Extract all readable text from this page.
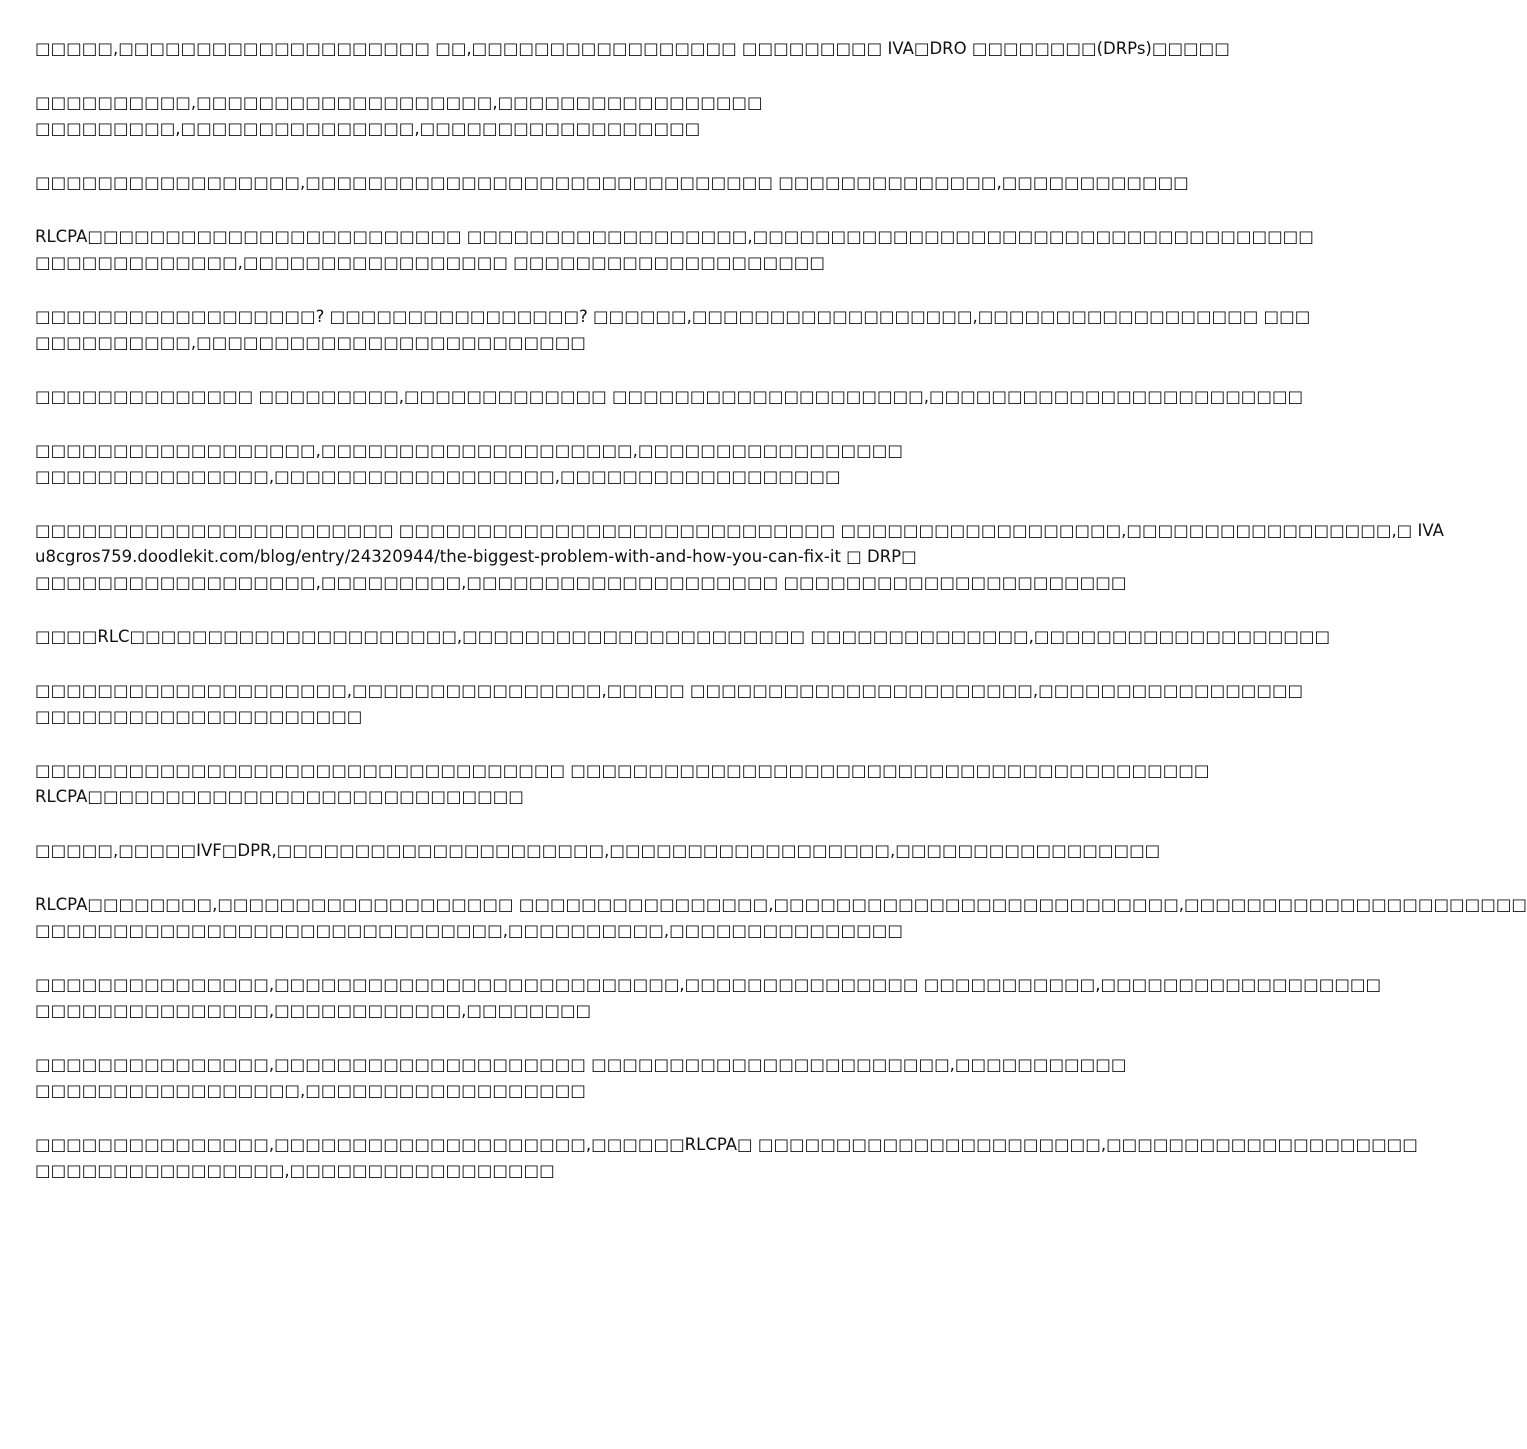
□□□□□,□□□□□□□□□□□□□□□□□□□□ □□,□□□□□□□□□□□□□□□□□ □□□□□□□□□ IVA□DRO □□□□□□□□(DRPs)□□□□□

□□□□□□□□□□,□□□□□□□□□□□□□□□□□□□,□□□□□□□□□□□□□□□□□
□□□□□□□□□,□□□□□□□□□□□□□□□,□□□□□□□□□□□□□□□□□□

□□□□□□□□□□□□□□□□□,□□□□□□□□□□□□□□□□□□□□□□□□□□□□□□ □□□□□□□□□□□□□□,□□□□□□□□□□□□

RLCPA□□□□□□□□□□□□□□□□□□□□□□□□ □□□□□□□□□□□□□□□□□□,□□□□□□□□□□□□□□□□□□□□□□□□□□□□□□□□□□□□
□□□□□□□□□□□□□,□□□□□□□□□□□□□□□□□ □□□□□□□□□□□□□□□□□□□□

□□□□□□□□□□□□□□□□□□? □□□□□□□□□□□□□□□□? □□□□□□,□□□□□□□□□□□□□□□□□□,□□□□□□□□□□□□□□□□□□ □□□
□□□□□□□□□□,□□□□□□□□□□□□□□□□□□□□□□□□□

□□□□□□□□□□□□□□ □□□□□□□□□,□□□□□□□□□□□□□ □□□□□□□□□□□□□□□□□□□□,□□□□□□□□□□□□□□□□□□□□□□□□

□□□□□□□□□□□□□□□□□□,□□□□□□□□□□□□□□□□□□□□,□□□□□□□□□□□□□□□□□
□□□□□□□□□□□□□□□,□□□□□□□□□□□□□□□□□□,□□□□□□□□□□□□□□□□□□

□□□□□□□□□□□□□□□□□□□□□□□ □□□□□□□□□□□□□□□□□□□□□□□□□□□□ □□□□□□□□□□□□□□□□□□,□□□□□□□□□□□□□□□□□,□ IVA
u8cgros759.doodlekit.com/blog/entry/24320944/the-biggest-problem-with-and-how-you-can-fix-it □ DRP□
□□□□□□□□□□□□□□□□□□,□□□□□□□□□,□□□□□□□□□□□□□□□□□□□□ □□□□□□□□□□□□□□□□□□□□□□

□□□□RLC□□□□□□□□□□□□□□□□□□□□□,□□□□□□□□□□□□□□□□□□□□□□ □□□□□□□□□□□□□□,□□□□□□□□□□□□□□□□□□□

□□□□□□□□□□□□□□□□□□□□,□□□□□□□□□□□□□□□□,□□□□□ □□□□□□□□□□□□□□□□□□□□□□,□□□□□□□□□□□□□□□□□
□□□□□□□□□□□□□□□□□□□□□

□□□□□□□□□□□□□□□□□□□□□□□□□□□□□□□□□□ □□□□□□□□□□□□□□□□□□□□□□□□□□□□□□□□□□□□□□□□□
RLCPA□□□□□□□□□□□□□□□□□□□□□□□□□□□□

□□□□□,□□□□□IVF□DPR,□□□□□□□□□□□□□□□□□□□□□,□□□□□□□□□□□□□□□□□□,□□□□□□□□□□□□□□□□□

RLCPA□□□□□□□□,□□□□□□□□□□□□□□□□□□□ □□□□□□□□□□□□□□□□,□□□□□□□□□□□□□□□□□□□□□□□□□□,□□□□□□□□□□□□□□□□□□□□□□
□□□□□□□□□□□□□□□□□□□□□□□□□□□□□□,□□□□□□□□□□,□□□□□□□□□□□□□□□

□□□□□□□□□□□□□□□,□□□□□□□□□□□□□□□□□□□□□□□□□□,□□□□□□□□□□□□□□□ □□□□□□□□□□□,□□□□□□□□□□□□□□□□□□
□□□□□□□□□□□□□□□,□□□□□□□□□□□□,□□□□□□□□

□□□□□□□□□□□□□□□,□□□□□□□□□□□□□□□□□□□□ □□□□□□□□□□□□□□□□□□□□□□□,□□□□□□□□□□□
□□□□□□□□□□□□□□□□□,□□□□□□□□□□□□□□□□□□

□□□□□□□□□□□□□□□,□□□□□□□□□□□□□□□□□□□□,□□□□□□RLCPA□ □□□□□□□□□□□□□□□□□□□□□□,□□□□□□□□□□□□□□□□□□□□
□□□□□□□□□□□□□□□□,□□□□□□□□□□□□□□□□□
